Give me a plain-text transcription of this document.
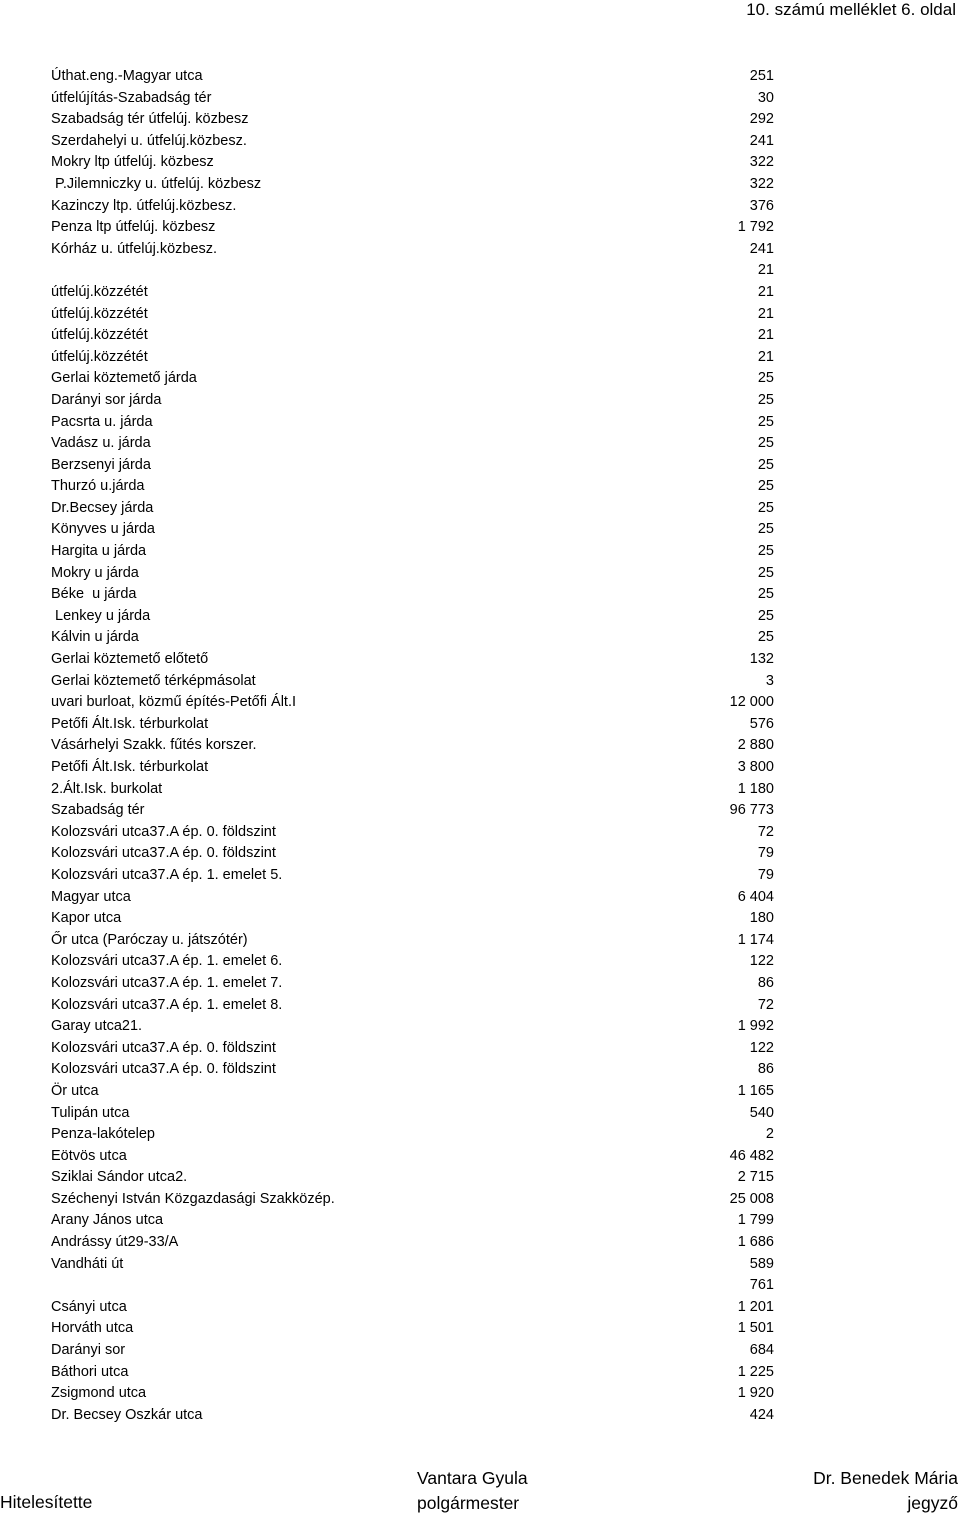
10. számú melléklet 6. oldal
Úthat.eng.-Magyar utca	251
útfelújítás-Szabadság tér	30
Szabadság tér útfelúj. közbesz	292
Szerdahelyi u. útfelúj.közbesz.	241
Mokry ltp útfelúj. közbesz	322
P.Jilemniczky u. útfelúj. közbesz	322
Kazinczy ltp. útfelúj.közbesz.	376
Penza ltp útfelúj. közbesz	1 792
Kórház u. útfelúj.közbesz.	241
21
útfelúj.közzétét	21
útfelúj.közzétét	21
útfelúj.közzétét	21
útfelúj.közzétét	21
Gerlai köztemető járda	25
Darányi sor járda	25
Pacsrta u. járda	25
Vadász u. járda	25
Berzsenyi járda	25
Thurzó u.járda	25
Dr.Becsey járda	25
Könyves u járda	25
Hargita u járda	25
Mokry u járda	25
Béke  u járda	25
Lenkey u járda	25
Kálvin u járda	25
Gerlai köztemető előtető	132
Gerlai köztemető térképmásolat	3
uvari burloat, közmű építés-Petőfi Ált.I	12 000
Petőfi Ált.Isk. térburkolat	576
Vásárhelyi Szakk. fűtés korszer.	2 880
Petőfi Ált.Isk. térburkolat	3 800
2.Ált.Isk. burkolat	1 180
Szabadság tér	96 773
Kolozsvári utca37.A ép. 0. földszint	72
Kolozsvári utca37.A ép. 0. földszint	79
Kolozsvári utca37.A ép. 1. emelet 5.	79
Magyar utca	6 404
Kapor utca	180
Őr utca (Paróczay u. játszótér)	1 174
Kolozsvári utca37.A ép. 1. emelet 6.	122
Kolozsvári utca37.A ép. 1. emelet 7.	86
Kolozsvári utca37.A ép. 1. emelet 8.	72
Garay utca21.	1 992
Kolozsvári utca37.A ép. 0. földszint	122
Kolozsvári utca37.A ép. 0. földszint	86
Ör utca	1 165
Tulipán utca	540
Penza-lakótelep	2
Eötvös utca	46 482
Sziklai Sándor utca2.	2 715
Széchenyi István Közgazdasági Szakközép.	25 008
Arany János utca	1 799
Andrássy út29-33/A	1 686
Vandháti út	589
761
Csányi utca	1 201
Horváth utca	1 501
Darányi sor	684
Báthori utca	1 225
Zsigmond utca	1 920
Dr. Becsey Oszkár utca	424
Hitelesítette
Vantara Gyula
polgármester
Dr. Benedek Mária
jegyző
